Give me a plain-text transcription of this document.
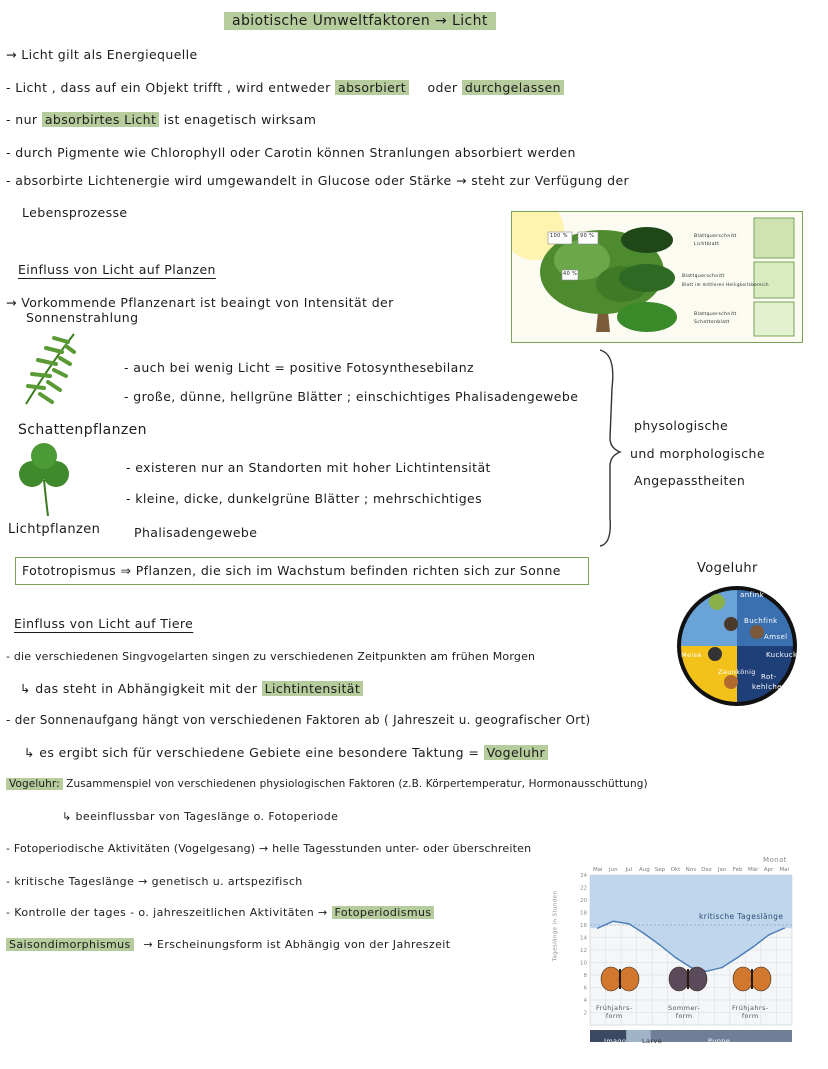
abiotische Umweltfaktoren → Licht
→ Licht gilt als Energiequelle
- Licht , dass auf ein Objekt trifft , wird entweder absorbiert oder durchgelassen
- nur absorbirtes Licht ist enagetisch wirksam
- durch Pigmente wie Chlorophyll oder Carotin können Stranlungen absorbiert werden
- absorbirte Lichtenergie wird umgewandelt in Glucose oder Stärke → steht zur Verfügung der
Lebensprozesse
100 % 90 %
40 %
Blattquerschnitt
Lichtblatt
Blattquerschnitt
Blatt im mittleren Helligkeitsbereich
Blattquerschnitt
Schattenblatt
Einfluss von Licht auf Planzen
→ Vorkommende Pflanzenart ist beaingt von Intensität der
Sonnenstrahlung
- auch bei wenig Licht = positive Fotosynthesebilanz
- große, dünne, hellgrüne Blätter ; einschichtiges Phalisadengewebe
Schattenpflanzen
- existeren nur an Standorten mit hoher Lichtintensität
- kleine, dicke, dunkelgrüne Blätter ; mehrschichtiges
Lichtpflanzen	Phalisadengewebe
physologische
und morphologische
Angepasstheiten
Fototropismus ⇒ Pflanzen, die sich im Wachstum befinden richten sich zur Sonne	Vogeluhr
anfink
Buchfink
Amsel
Kuckuck
Rot-
kehlchen
Zaunkönig
Meise
Einfluss von Licht auf Tiere
- die verschiedenen Singvogelarten singen zu verschiedenen Zeitpunkten am frühen Morgen
↳ das steht in Abhängigkeit mit der Lichtintensität
- der Sonnenaufgang hängt von verschiedenen Faktoren ab ( Jahreszeit u. geografischer Ort)
↳ es ergibt sich für verschiedene Gebiete eine besondere Taktung = Vogeluhr
Vogeluhr: Zusammenspiel von verschiedenen physiologischen Faktoren (z.B. Körpertemperatur, Hormonausschüttung)
↳ beeinflussbar von Tageslänge o. Fotoperiode
- Fotoperiodische Aktivitäten (Vogelgesang) → helle Tagesstunden unter- oder überschreiten
- kritische Tageslänge → genetisch u. artspezifisch
- Kontrolle der tages - o. jahreszeitlichen Aktivitäten → Fotoperiodismus
Saisondimorphismus → Erscheinungsform ist Abhängig von der Jahreszeit
Monat
Tageslänge in Stunden
2
4
6
8
10
12
14
16
18
20
22
24
Mai Jun Jul Aug Sep Okt Nov Dez Jan Feb Mär Apr Mai
kritische Tageslänge
Frühjahrs-
form
Sommer-
form
Frühjahrs-
form
Imago Larve	Puppe
